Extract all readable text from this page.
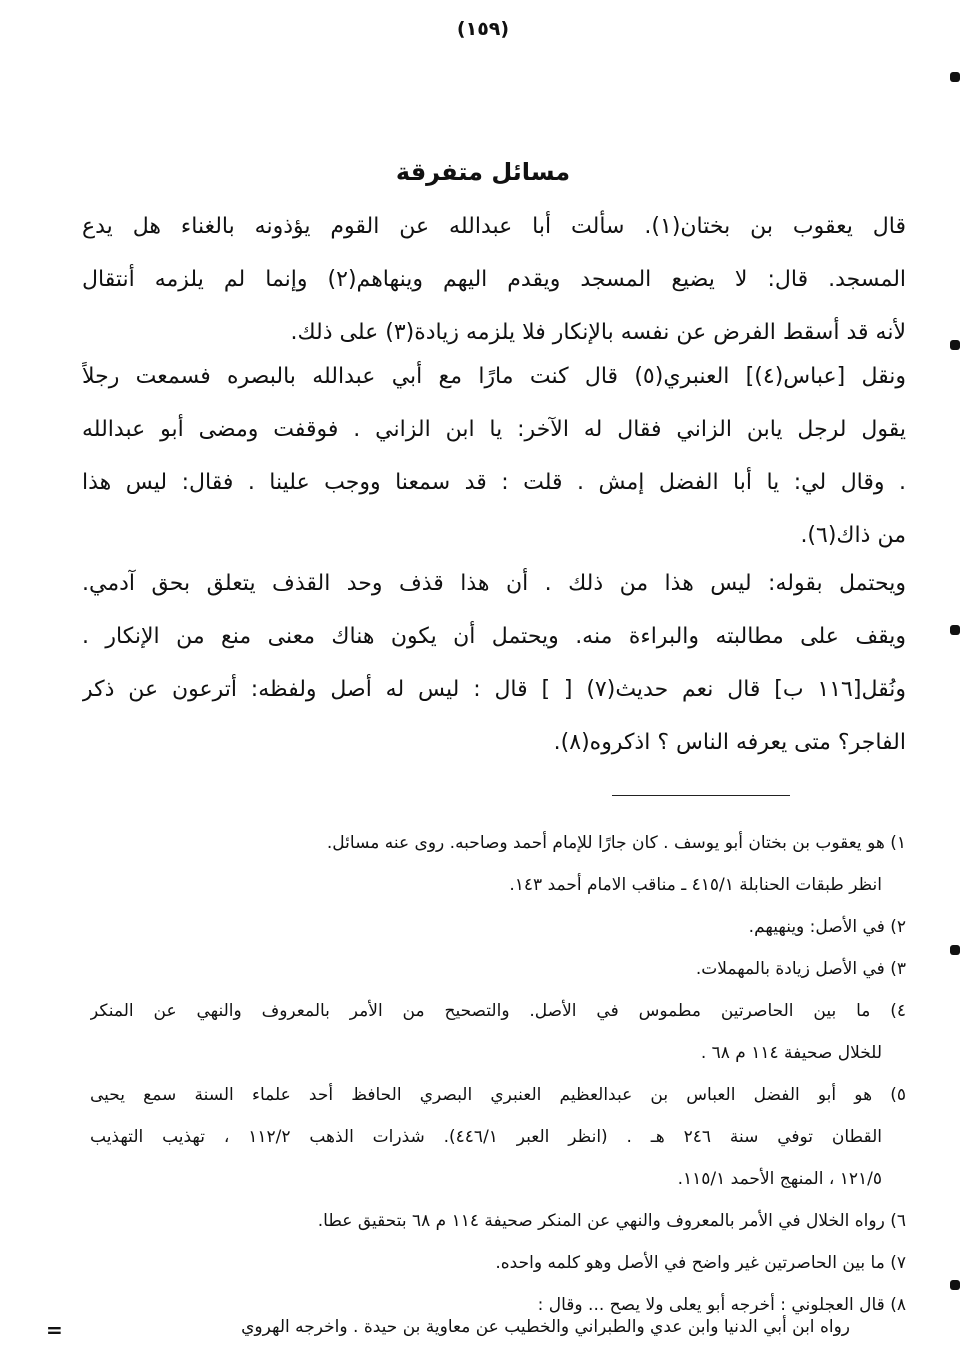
(١٥٩)
مسائل متفرقة
قال يعقوب بن بختان(١). سألت أبا عبدالله عن القوم يؤذونه بالغناء هل يدع
المسجد. قال: لا يضيع المسجد ويقدم اليهم وينهاهم(٢) وإنما لم يلزمه أنتقال
لأنه قد أسقط الفرض عن نفسه بالإنكار فلا يلزمه زيادة(٣) على ذلك.
ونقل [عباس(٤)] العنبري(٥) قال كنت مارًا مع أبي عبدالله بالبصره فسمعت رجلاً
يقول لرجل يابن الزاني فقال له الآخر: يا ابن الزاني . فوقفت ومضى أبو عبدالله
. وقال لي: يا أبا الفضل إمش . قلت : قد سمعنا ووجب علينا . فقال: ليس هذا
من ذاك(٦).
ويحتمل بقوله: ليس هذا من ذلك . أن هذا قذف وحد القذف يتعلق بحق آدمي.
ويقف على مطالبته والبراءة منه. ويحتمل أن يكون هناك معنى منع من الإنكار .
ونُقل[١١٦ ب] قال نعم حديث(٧) [ ] قال : ليس له أصل ولفظه: أترعون عن ذكر
الفاجر؟ متى يعرفه الناس ؟ اذكروه(٨).
١) هو يعقوب بن بختان أبو يوسف . كان جارًا للإمام أحمد وصاحبه. روى عنه مسائل.
انظر طبقات الحنابلة ٤١٥/١ ـ مناقب الامام أحمد ١٤٣.
٢) في الأصل: وينهيهم.
٣) في الأصل زيادة بالمهملات.
٤) ما بين الحاصرتين مطموس في الأصل. والتصحيح من الأمر بالمعروف والنهي عن المنكر
للخلال صحيفة ١١٤ م ٦٨ .
٥) هو أبو الفضل العباس بن عبدالعظيم العنبري البصري الحافظ أحد علماء السنة سمع يحيى
القطان توفي سنة ٢٤٦ هـ . (انظر العبر ٤٤٦/١). شذرات الذهب ١١٢/٢ ، تهذيب التهذيب
١٢١/٥ ، المنهج الأحمد ١١٥/١.
٦) رواه الخلال في الأمر بالمعروف والنهي عن المنكر صحيفة ١١٤ م ٦٨ بتحقيق عطا.
٧) ما بين الحاصرتين غير واضح في الأصل وهو كلمه واحده.
٨) قال العجلوني : أخرجه أبو يعلى ولا يصح ... وقال :
رواه ابن أبي الدنيا وابن عدي والطبراني والخطيب عن معاوية بن حيدة . واخرجه الهروي
=
